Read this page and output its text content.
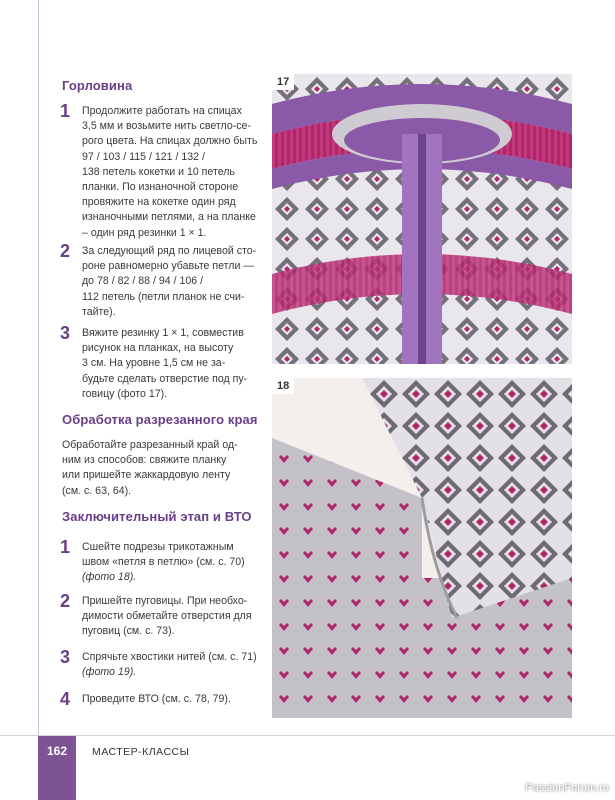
Горловина
1 Продолжите работать на спицах
3,5 мм и возьмите нить светло-се-
рого цвета. На спицах должно быть
97 / 103 / 115 / 121 / 132 /
138 петель кокетки и 10 петель
планки. По изнаночной стороне
провяжите на кокетке один ряд
изнаночными петлями, а на планке
– один ряд резинки 1 × 1.
2 За следующий ряд по лицевой сто-
роне равномерно убавьте петли —
до 78 / 82 / 88 / 94 / 106 /
112 петель (петли планок не счи-
тайте).
3 Вяжите резинку 1 × 1, совместив
рисунок на планках, на высоту
3 см. На уровне 1,5 см не за-
будьте сделать отверстие под пу-
говицу (фото 17).
Обработка разрезанного края
Обработайте разрезанный край од-
ним из способов: свяжите планку
или пришейте жаккардовую ленту
(см. с. 63, 64).
Заключительный этап и ВТО
1 Сшейте подрезы трикотажным
швом «петля в петлю» (см. с. 70)
(фото 18).
2 Пришейте пуговицы. При необхо-
димости обметайте отверстия для
пуговиц (см. с. 73).
3 Спрячьте хвостики нитей (см. с. 71)
(фото 19).
4 Проведите ВТО (см. с. 78, 79).
17
18
162	МАСТЕР-КЛАССЫ
PassionForum.ru
